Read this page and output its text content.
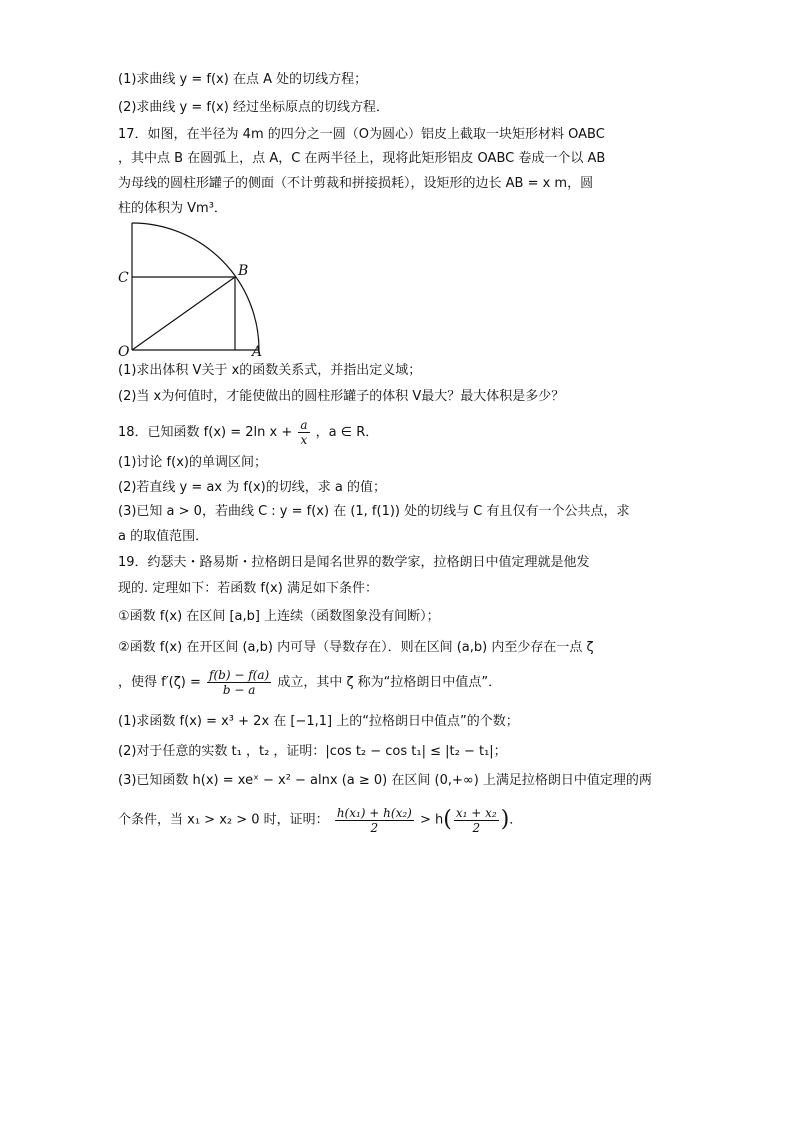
(1)求曲线 y = f(x) 在点 A 处的切线方程；
(2)求曲线 y = f(x) 经过坐标原点的切线方程．
17．如图，在半径为 4m 的四分之一圆（O为圆心）铝皮上截取一块矩形材料 OABC
，其中点 B 在圆弧上，点 A，C 在两半径上，现将此矩形铝皮 OABC 卷成一个以 AB
为母线的圆柱形罐子的侧面（不计剪裁和拼接损耗），设矩形的边长 AB = x m，圆
柱的体积为 Vm³．
C	B
O	A
(1)求出体积 V关于 x的函数关系式，并指出定义域；
(2)当 x为何值时，才能使做出的圆柱形罐子的体积 V最大？最大体积是多少？
18．已知函数 f(x) = 2ln $x + \frac{a}{x}$ ，a ∈ R．
(1)讨论 f(x)的单调区间；
(2)若直线 y = ax 为 f(x)的切线，求 a 的值；
(3)已知 a > 0，若曲线 C : y = f(x) 在 (1, f(1)) 处的切线与 C 有且仅有一个公共点，求
a 的取值范围．
19．约瑟夫・路易斯・拉格朗日是闻名世界的数学家，拉格朗日中值定理就是他发
现的. 定理如下：若函数 f(x) 满足如下条件：
①函数 f(x) 在区间 [a,b] 上连续（函数图象没有间断）；
②函数 f(x) 在开区间 (a,b) 内可导（导数存在）．则在区间 (a,b) 内至少存在一点 ζ
，使得 $f'(\zeta) = \frac{f(b) - f(a)}{b - a}$ 成立，其中 ζ 称为“拉格朗日中值点”．
(1)求函数 f(x) = x³ + 2x 在 [−1,1] 上的“拉格朗日中值点”的个数；
(2)对于任意的实数 t₁ ，t₂ ，证明：|cos t₂ − cos t₁| ≤ |t₂ − t₁|；
(3)已知函数 h(x) = xeˣ − x² − alnx (a ≥ 0) 在区间 (0,+∞) 上满足拉格朗日中值定理的两
个条件，当 x₁ > x₂ > 0 时，证明： $\frac{\text{h(x₁) + h(x₂)}}{2} > h( \frac{\text{x₁ + x₂}}{2}$ )．
